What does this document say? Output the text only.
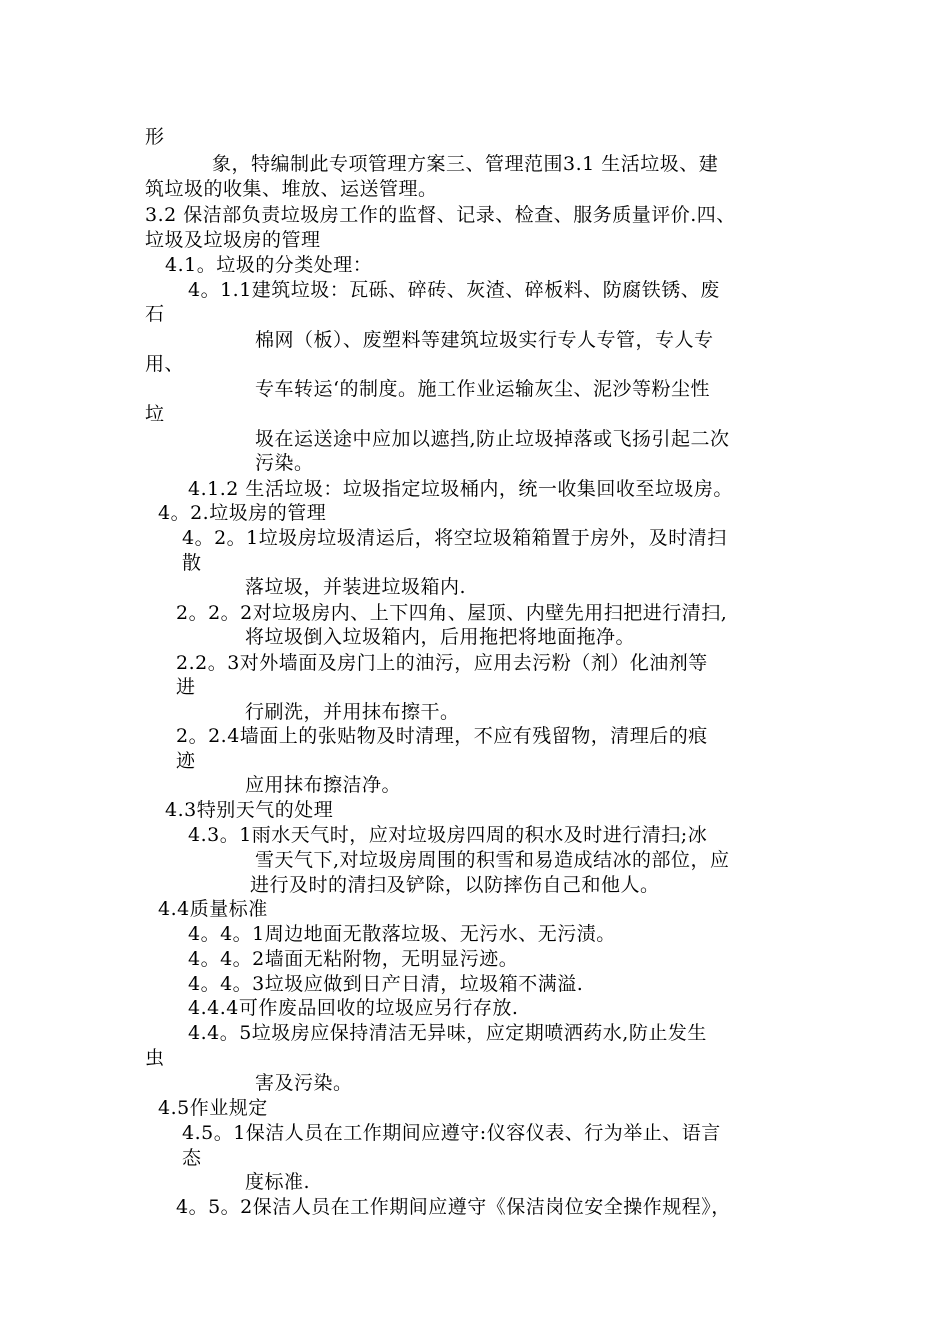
形
象，特编制此专项管理方案三、管理范围3.1 生活垃圾、建
筑垃圾的收集、堆放、运送管理。
3.2 保洁部负责垃圾房工作的监督、记录、检查、服务质量评价.四、
垃圾及垃圾房的管理
4.1。垃圾的分类处理：
4。1.1建筑垃圾：瓦砾、碎砖、灰渣、碎板料、防腐铁锈、废
石
棉网（板）、废塑料等建筑垃圾实行专人专管，专人专
用、
专车转运‘的制度。施工作业运输灰尘、泥沙等粉尘性
垃
圾在运送途中应加以遮挡,防止垃圾掉落或飞扬引起二次
污染。
4.1.2 生活垃圾：垃圾指定垃圾桶内，统一收集回收至垃圾房。
4。2.垃圾房的管理
4。2。1垃圾房垃圾清运后，将空垃圾箱箱置于房外，及时清扫
散
落垃圾，并装进垃圾箱内.
2。2。2对垃圾房内、上下四角、屋顶、内壁先用扫把进行清扫,
将垃圾倒入垃圾箱内，后用拖把将地面拖净。
2.2。3对外墙面及房门上的油污，应用去污粉（剂）化油剂等
进
行刷洗，并用抹布擦干。
2。2.4墙面上的张贴物及时清理，不应有残留物，清理后的痕
迹
应用抹布擦洁净。
4.3特别天气的处理
4.3。1雨水天气时，应对垃圾房四周的积水及时进行清扫;冰
雪天气下,对垃圾房周围的积雪和易造成结冰的部位，应
进行及时的清扫及铲除，以防摔伤自己和他人。
4.4质量标准
4。4。1周边地面无散落垃圾、无污水、无污渍。
4。4。2墙面无粘附物，无明显污迹。
4。4。3垃圾应做到日产日清，垃圾箱不满溢.
4.4.4可作废品回收的垃圾应另行存放.
4.4。5垃圾房应保持清洁无异味，应定期喷洒药水,防止发生
虫
害及污染。
4.5作业规定
4.5。1保洁人员在工作期间应遵守:仪容仪表、行为举止、语言
态
度标准.
4。5。2保洁人员在工作期间应遵守《保洁岗位安全操作规程》，
